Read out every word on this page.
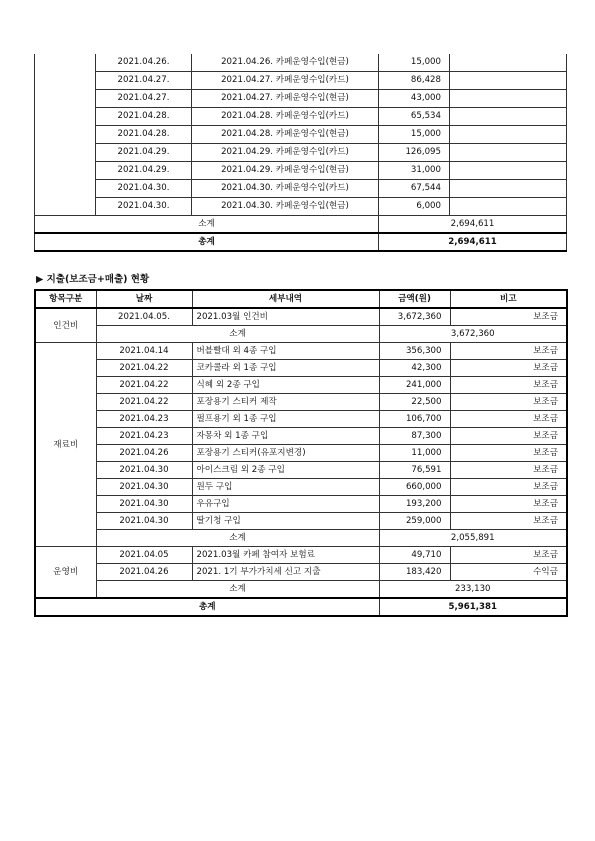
	2021.04.26.	2021.04.26. 카페운영수입(현금)	15,000	
	2021.04.27.	2021.04.27. 카페운영수입(카드)	86,428	
	2021.04.27.	2021.04.27. 카페운영수입(현금)	43,000	
	2021.04.28.	2021.04.28. 카페운영수입(카드)	65,534	
	2021.04.28.	2021.04.28. 카페운영수입(현금)	15,000	
	2021.04.29.	2021.04.29. 카페운영수입(카드)	126,095	
	2021.04.29.	2021.04.29. 카페운영수입(현금)	31,000	
	2021.04.30.	2021.04.30. 카페운영수입(카드)	67,544	
	2021.04.30.	2021.04.30. 카페운영수입(현금)	6,000	
소계			2,694,611	
총계			2,694,611	
▶ 지출(보조금+매출) 현황
항목구분	날짜	세부내역	금액(원)	비고
인건비	2021.04.05.	2021.03월 인건비	3,672,360	보조금
	소계		3,672,360	
재료비	2021.04.14	버블빨대 외 4종 구입	356,300	보조금
	2021.04.22	코카콜라 외 1종 구입	42,300	보조금
	2021.04.22	식혜 외 2종 구입	241,000	보조금
	2021.04.22	포장용기 스티커 제작	22,500	보조금
	2021.04.23	펄프용기 외 1종 구입	106,700	보조금
	2021.04.23	자몽차 외 1종 구입	87,300	보조금
	2021.04.26	포장용기 스티커(유포지변경)	11,000	보조금
	2021.04.30	아이스크림 외 2종 구입	76,591	보조금
	2021.04.30	원두 구입	660,000	보조금
	2021.04.30	우유구입	193,200	보조금
	2021.04.30	딸기청 구입	259,000	보조금
	소계		2,055,891	
운영비	2021.04.05	2021.03월 카페 참여자 보험료	49,710	보조금
	2021.04.26	2021. 1기 부가가치세 신고 지출	183,420	수익금
	소계		233,130	
총계			5,961,381	
